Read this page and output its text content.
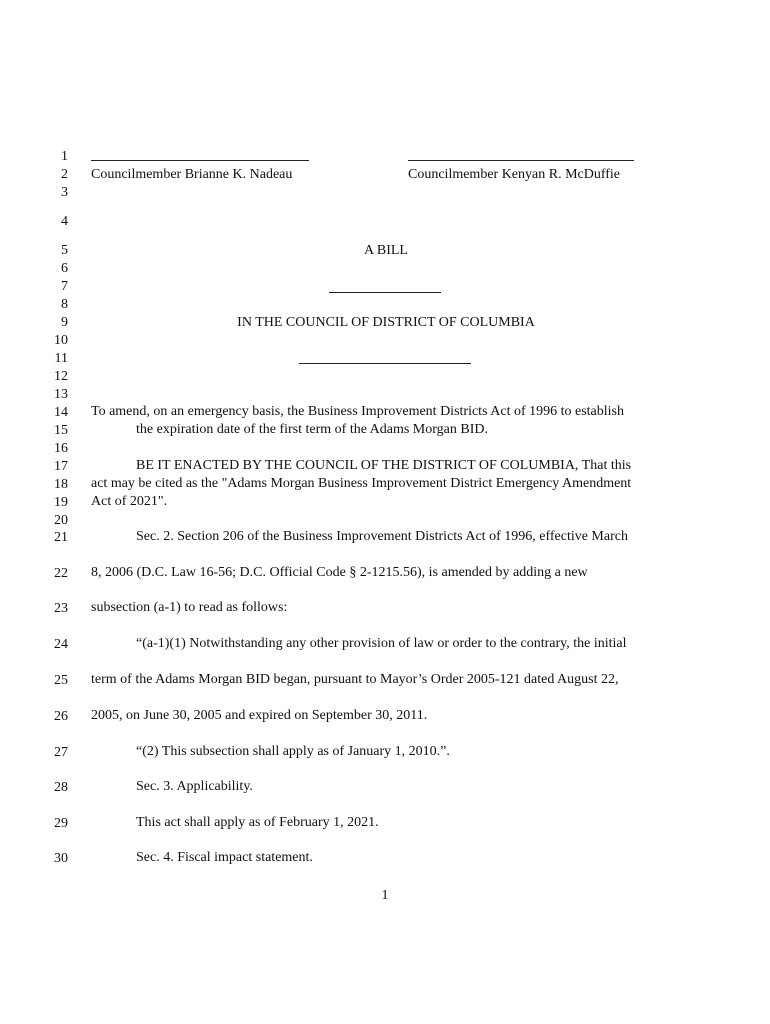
1
2
3
4
5
6
7
8
9
10
11
12
13
14
15
16
17
18
19
20
21
22
23
24
25
26
27
28
29
30
Councilmember Brianne K. Nadeau	Councilmember Kenyan R. McDuffie
A BILL
IN THE COUNCIL OF DISTRICT OF COLUMBIA
To amend, on an emergency basis, the Business Improvement Districts Act of 1996 to establish
the expiration date of the first term of the Adams Morgan BID.
BE IT ENACTED BY THE COUNCIL OF THE DISTRICT OF COLUMBIA, That this
act may be cited as the "Adams Morgan Business Improvement District Emergency Amendment
Act of 2021".
Sec. 2. Section 206 of the Business Improvement Districts Act of 1996, effective March
8, 2006 (D.C. Law 16-56; D.C. Official Code § 2-1215.56), is amended by adding a new
subsection (a-1) to read as follows:
“(a-1)(1) Notwithstanding any other provision of law or order to the contrary, the initial
term of the Adams Morgan BID began, pursuant to Mayor’s Order 2005-121 dated August 22,
2005, on June 30, 2005 and expired on September 30, 2011.
“(2) This subsection shall apply as of January 1, 2010.”.
Sec. 3. Applicability.
This act shall apply as of February 1, 2021.
Sec. 4. Fiscal impact statement.
1
